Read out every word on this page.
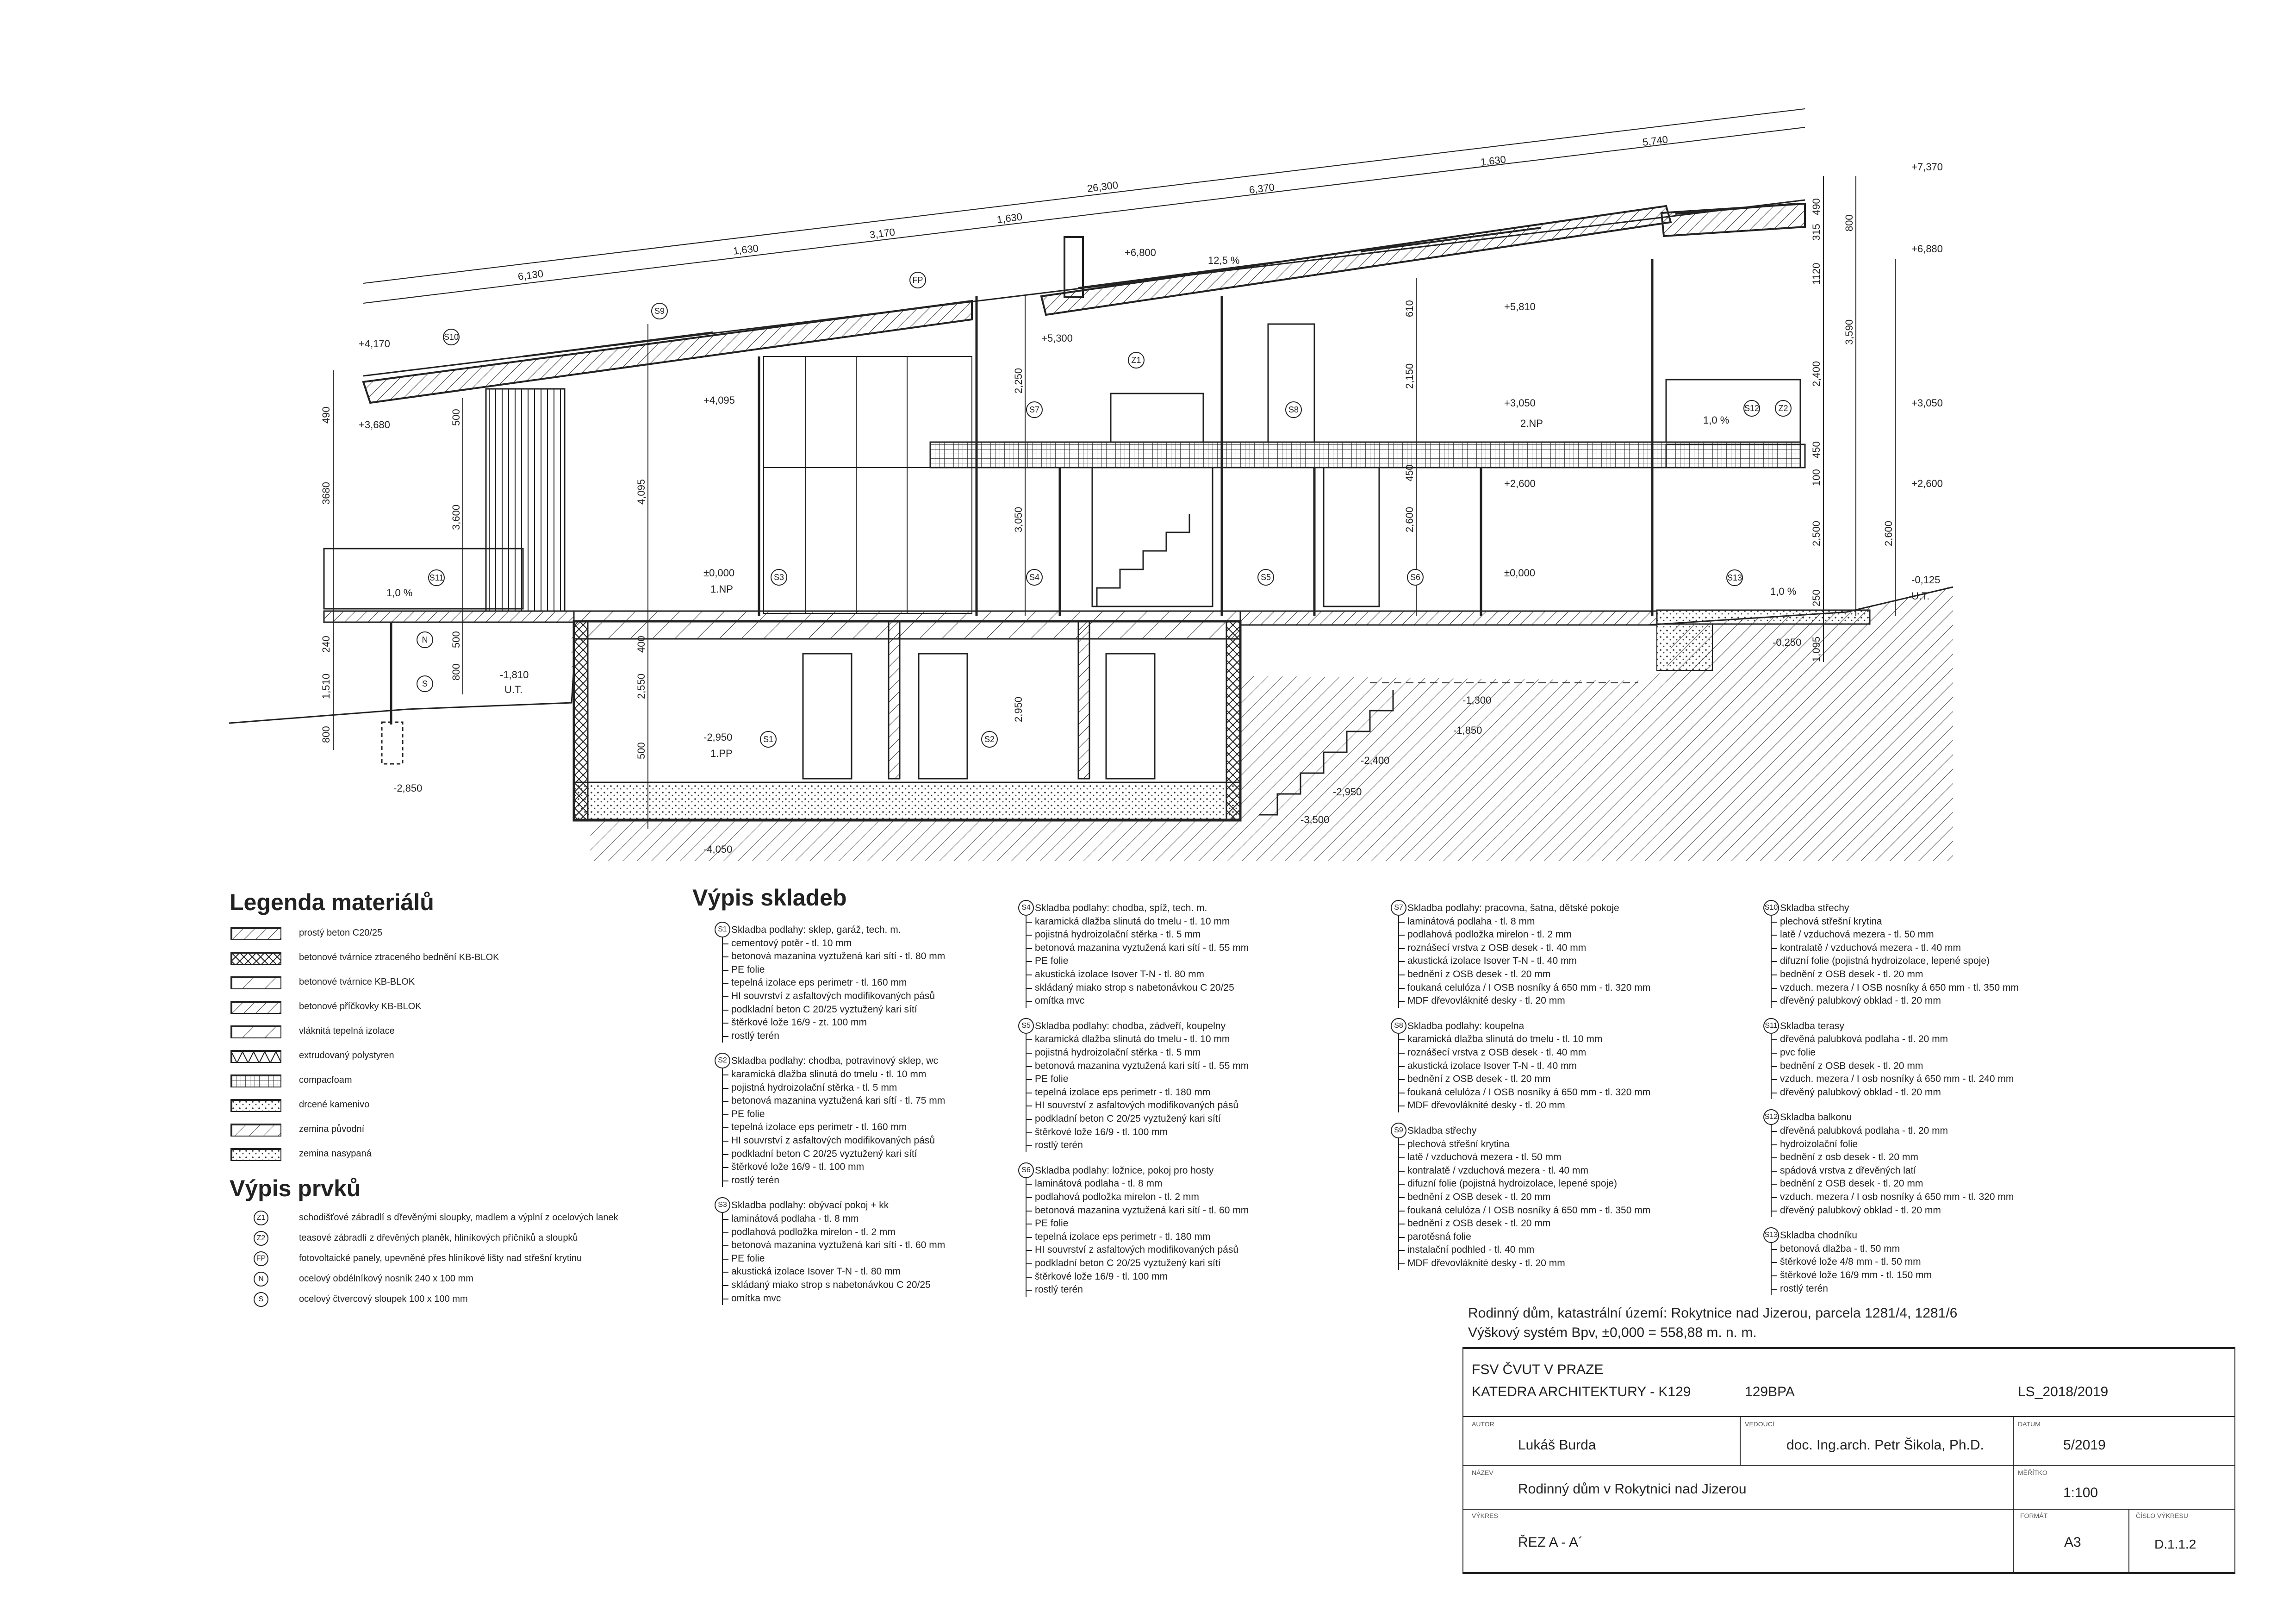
+7,370
+6,880
+6,800
+5,810
+5,300
+4,170
+4,095
+3,680
+3,050	+3,050
+2,600	+2,600
±0,000	±0,000
-0,125
-0,250
-1,810
-1,300
-1,850
-2,400
-2,950
-2,950
-3,500
-2,850
-4,050
1.NP
2.NP
1.PP
U.T.
U.T.
12,5 %
1,0 %
1,0 %
1,0 %
26,300
6,130
1,630
3,170
1,630
6,370
1,630
5,740
490
3680
500
3,600
240
1,510
800
500
800
4,095
400
2,550
500
2,250
3,050
2,950
2,150
2,600
610
450
315
490
1120
2,400
450
100
2,500
250
1,095
800
3,590
2,600
S1	S2
S3	S4	S5	S6
S7	S8
S9
S10
S11
S12
S13
Z1
Z2
FP
N
S
Legenda materiálů
prostý beton C20/25
betonové tvárnice ztraceného bednění KB-BLOK
betonové tvárnice KB-BLOK
betonové příčkovky KB-BLOK
vláknitá tepelná izolace
extrudovaný polystyren
compacfoam
drcené kamenivo
zemina původní
zemina nasypaná
Výpis prvků
Z1	schodišťové zábradlí s dřevěnými sloupky, madlem a výplní z ocelových lanek
Z2	teasové zábradlí z dřevěných planěk, hliníkových příčníků a sloupků
FP	fotovoltaické panely, upevněné přes hliníkové lišty nad střešní krytinu
N	ocelový obdélníkový nosník 240 x 100 mm
S	ocelový čtvercový sloupek 100 x 100 mm
Výpis skladeb
S1 Skladba podlahy: sklep, garáž, tech. m.
cementový potěr - tl. 10 mm
betonová mazanina vyztužená kari sítí - tl. 80 mm
PE folie
tepelná izolace eps perimetr - tl. 160 mm
HI souvrství z asfaltových modifikovaných pásů
podkladní beton C 20/25 vyztužený kari sítí
štěrkové lože 16/9 - zt. 100 mm
rostlý terén
S2 Skladba podlahy: chodba, potravinový sklep, wc
karamická dlažba slinutá do tmelu - tl. 10 mm
pojistná hydroizolační stěrka - tl. 5 mm
betonová mazanina vyztužená kari sítí - tl. 75 mm
PE folie
tepelná izolace eps perimetr - tl. 160 mm
HI souvrství z asfaltových modifikovaných pásů
podkladní beton C 20/25 vyztužený kari sítí
štěrkové lože 16/9 - tl. 100 mm
rostlý terén
S3 Skladba podlahy: obývací pokoj + kk
laminátová podlaha - tl. 8 mm
podlahová podložka mirelon - tl. 2 mm
betonová mazanina vyztužená kari sítí - tl. 60 mm
PE folie
akustická izolace Isover T-N - tl. 80 mm
skládaný miako strop s nabetonávkou C 20/25
omítka mvc
S4 Skladba podlahy: chodba, spíž, tech. m.
karamická dlažba slinutá do tmelu - tl. 10 mm
pojistná hydroizolační stěrka - tl. 5 mm
betonová mazanina vyztužená kari sítí - tl. 55 mm
PE folie
akustická izolace Isover T-N - tl. 80 mm
skládaný miako strop s nabetonávkou C 20/25
omítka mvc
S5 Skladba podlahy: chodba, zádveří, koupelny
karamická dlažba slinutá do tmelu - tl. 10 mm
pojistná hydroizolační stěrka - tl. 5 mm
betonová mazanina vyztužená kari sítí - tl. 55 mm
PE folie
tepelná izolace eps perimetr - tl. 180 mm
HI souvrství z asfaltových modifikovaných pásů
podkladní beton C 20/25 vyztužený kari sítí
štěrkové lože 16/9 - tl. 100 mm
rostlý terén
S6 Skladba podlahy: ložnice, pokoj pro hosty
laminátová podlaha - tl. 8 mm
podlahová podložka mirelon - tl. 2 mm
betonová mazanina vyztužená kari sítí - tl. 60 mm
PE folie
tepelná izolace eps perimetr - tl. 180 mm
HI souvrství z asfaltových modifikovaných pásů
podkladní beton C 20/25 vyztužený kari sítí
štěrkové lože 16/9 - tl. 100 mm
rostlý terén
S7 Skladba podlahy: pracovna, šatna, dětské pokoje
laminátová podlaha - tl. 8 mm
podlahová podložka mirelon - tl. 2 mm
roznášecí vrstva z OSB desek - tl. 40 mm
akustická izolace Isover T-N - tl. 40 mm
bednění z OSB desek - tl. 20 mm
foukaná celulóza / I OSB nosníky á 650 mm - tl. 320 mm
MDF dřevovláknité desky - tl. 20 mm
S8 Skladba podlahy: koupelna
karamická dlažba slinutá do tmelu - tl. 10 mm
roznášecí vrstva z OSB desek - tl. 40 mm
akustická izolace Isover T-N - tl. 40 mm
bednění z OSB desek - tl. 20 mm
foukaná celulóza / I OSB nosníky á 650 mm - tl. 320 mm
MDF dřevovláknité desky - tl. 20 mm
S9 Skladba střechy
plechová střešní krytina
latě / vzduchová mezera - tl. 50 mm
kontralatě / vzduchová mezera - tl. 40 mm
difuzní folie (pojistná hydroizolace, lepené spoje)
bednění z OSB desek - tl. 20 mm
foukaná celulóza / I OSB nosníky á 650 mm - tl. 350 mm
bednění z OSB desek - tl. 20 mm
parotěsná folie
instalační podhled - tl. 40 mm
MDF dřevovláknité desky - tl. 20 mm
S10 Skladba střechy
plechová střešní krytina
latě / vzduchová mezera - tl. 50 mm
kontralatě / vzduchová mezera - tl. 40 mm
difuzní folie (pojistná hydroizolace, lepené spoje)
bednění z OSB desek - tl. 20 mm
vzduch. mezera / I OSB nosníky á 650 mm - tl. 350 mm
dřevěný palubkový obklad - tl. 20 mm
S11 Skladba terasy
dřevěná palubková podlaha - tl. 20 mm
pvc folie
bednění z OSB desek - tl. 20 mm
vzduch. mezera / I osb nosníky á 650 mm - tl. 240 mm
dřevěný palubkový obklad - tl. 20 mm
S12 Skladba balkonu
dřevěná palubková podlaha - tl. 20 mm
hydroizolační folie
bednění z osb desek - tl. 20 mm
spádová vrstva z dřevěných latí
bednění z OSB desek - tl. 20 mm
vzduch. mezera / I osb nosníky á 650 mm - tl. 320 mm
dřevěný palubkový obklad - tl. 20 mm
S13 Skladba chodníku
betonová dlažba - tl. 50 mm
štěrkové lože 4/8 mm - tl. 50 mm
štěrkové lože 16/9 mm - tl. 150 mm
rostlý terén
Rodinný dům, katastrální území: Rokytnice nad Jizerou, parcela 1281/4, 1281/6
Výškový systém Bpv, ±0,000 = 558,88 m. n. m.
FSV ČVUT V PRAZE
KATEDRA ARCHITEKTURY - K129	129BPA	LS_2018/2019
AUTOR
Lukáš Burda
VEDOUCÍ
doc. Ing.arch. Petr Šikola, Ph.D.
DATUM
5/2019
NÁZEV
Rodinný dům v Rokytnici nad Jizerou
MĚŘÍTKO
1:100
VÝKRES
ŘEZ A - A´
FORMÁT
A3
ČÍSLO VÝKRESU
D.1.1.2
